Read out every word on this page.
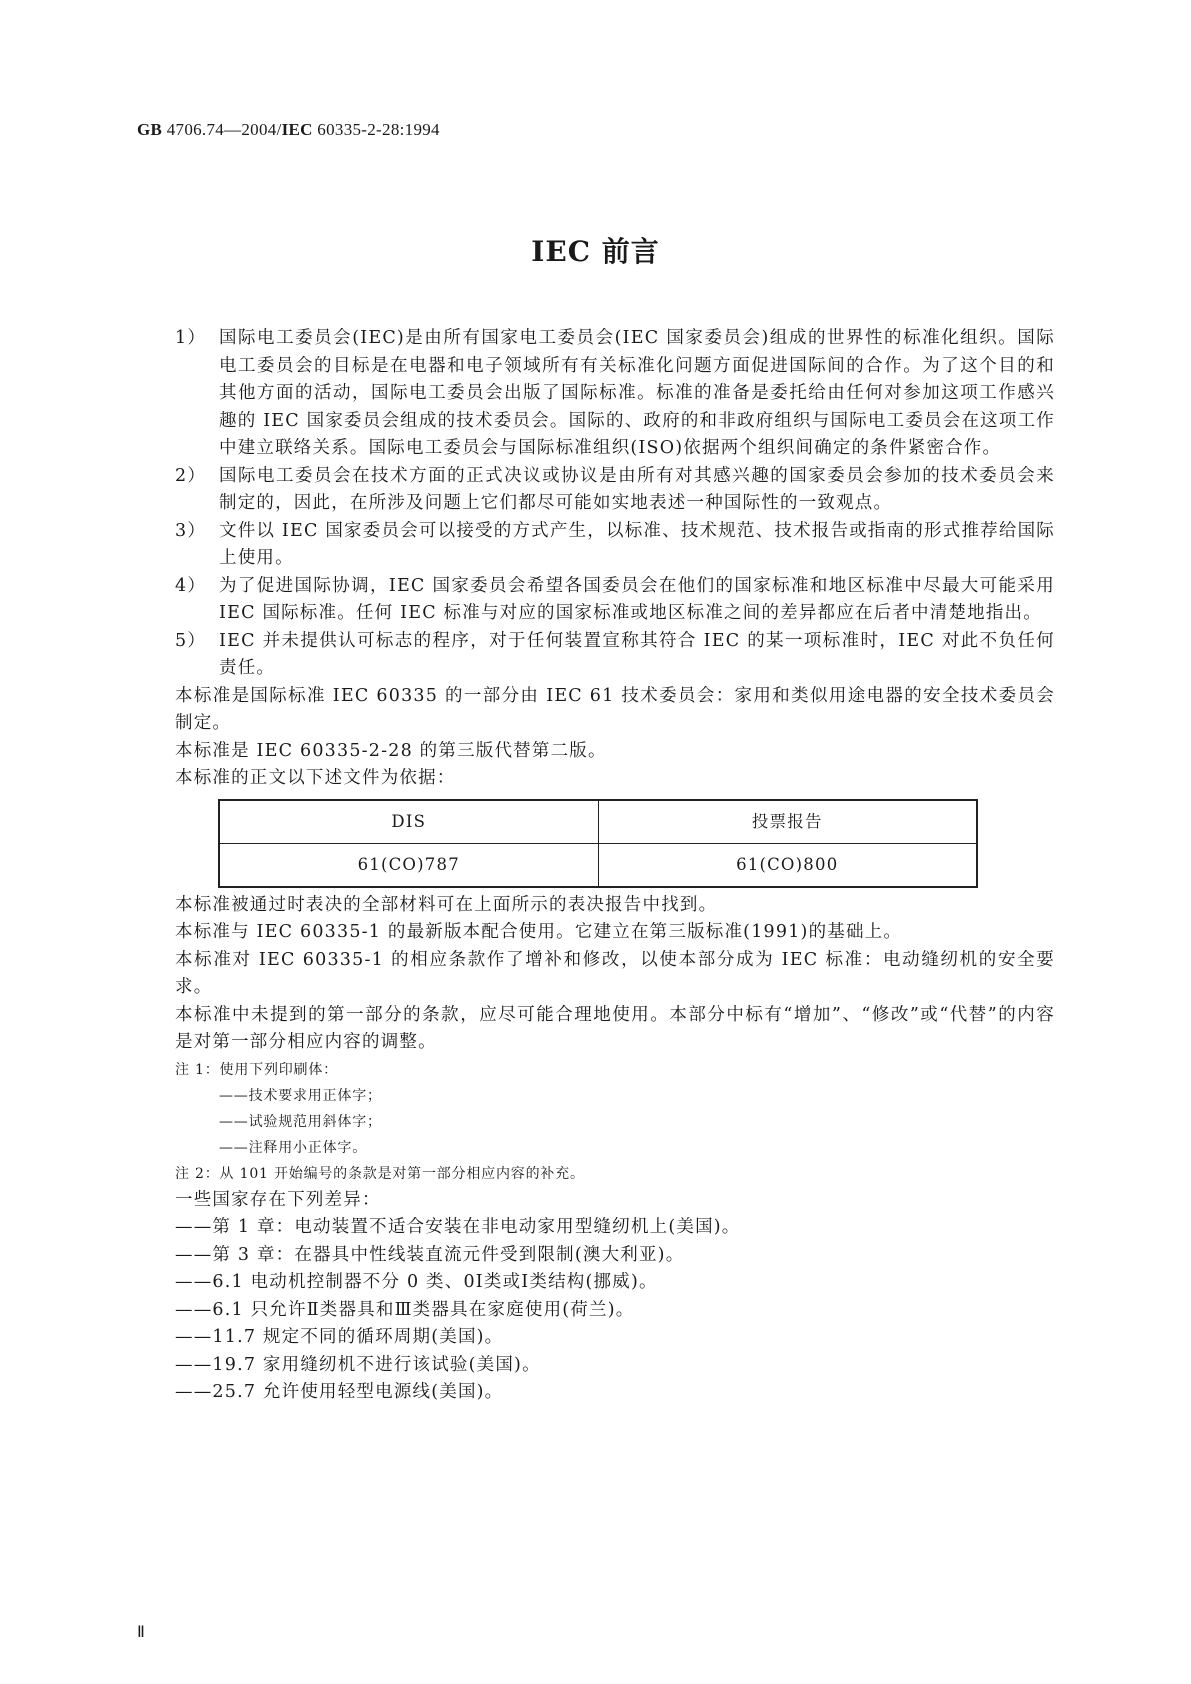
GB 4706.74—2004/IEC 60335-2-28:1994
IEC 前言
1） 国际电工委员会(IEC)是由所有国家电工委员会(IEC 国家委员会)组成的世界性的标准化组织。国际电工委员会的目标是在电器和电子领域所有有关标准化问题方面促进国际间的合作。为了这个目的和其他方面的活动，国际电工委员会出版了国际标准。标准的准备是委托给由任何对参加这项工作感兴趣的 IEC 国家委员会组成的技术委员会。国际的、政府的和非政府组织与国际电工委员会在这项工作中建立联络关系。国际电工委员会与国际标准组织(ISO)依据两个组织间确定的条件紧密合作。
2） 国际电工委员会在技术方面的正式决议或协议是由所有对其感兴趣的国家委员会参加的技术委员会来制定的，因此，在所涉及问题上它们都尽可能如实地表述一种国际性的一致观点。
3） 文件以 IEC 国家委员会可以接受的方式产生，以标准、技术规范、技术报告或指南的形式推荐给国际上使用。
4） 为了促进国际协调，IEC 国家委员会希望各国委员会在他们的国家标准和地区标准中尽最大可能采用 IEC 国际标准。任何 IEC 标准与对应的国家标准或地区标准之间的差异都应在后者中清楚地指出。
5） IEC 并未提供认可标志的程序，对于任何装置宣称其符合 IEC 的某一项标准时，IEC 对此不负任何责任。
本标准是国际标准 IEC 60335 的一部分由 IEC 61 技术委员会：家用和类似用途电器的安全技术委员会制定。
本标准是 IEC 60335-2-28 的第三版代替第二版。
本标准的正文以下述文件为依据：
DIS	投票报告
61(CO)787	61(CO)800
本标准被通过时表决的全部材料可在上面所示的表决报告中找到。
本标准与 IEC 60335-1 的最新版本配合使用。它建立在第三版标准(1991)的基础上。
本标准对 IEC 60335-1 的相应条款作了增补和修改，以使本部分成为 IEC 标准：电动缝纫机的安全要求。
本标准中未提到的第一部分的条款，应尽可能合理地使用。本部分中标有“增加”、“修改”或“代替”的内容是对第一部分相应内容的调整。
注 1：使用下列印刷体：
——技术要求用正体字；
——试验规范用斜体字；
——注释用小正体字。
注 2：从 101 开始编号的条款是对第一部分相应内容的补充。
一些国家存在下列差异：
——第 1 章：电动装置不适合安装在非电动家用型缝纫机上(美国)。
——第 3 章：在器具中性线装直流元件受到限制(澳大利亚)。
——6.1 电动机控制器不分 0 类、0Ⅰ类或Ⅰ类结构(挪威)。
——6.1 只允许Ⅱ类器具和Ⅲ类器具在家庭使用(荷兰)。
——11.7 规定不同的循环周期(美国)。
——19.7 家用缝纫机不进行该试验(美国)。
——25.7 允许使用轻型电源线(美国)。
Ⅱ
